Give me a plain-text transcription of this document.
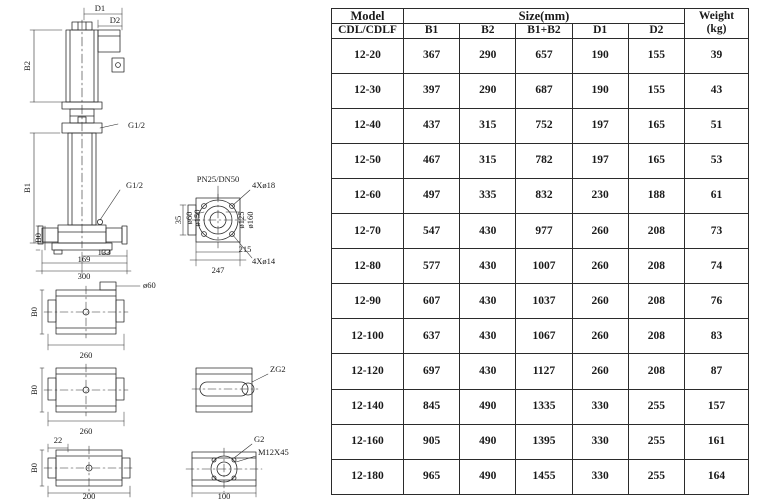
D1
D2
G1/2
G1/2
133
169
300
PN25/DN50
4Xø18
4Xø14
215
247
ø60
260
260
ZG2
22
200
G2
M12X45
100
B2
B1
B0
B0
B0
B0
35 ø60
ø150	ø125 ø160
Model	Size(mm)					Weight
(kg)

CDL/CDLF	B1	B2	B1+B2	D1	D2	
12-20	367	290	657	190	155	39
12-30	397	290	687	190	155	43
12-40	437	315	752	197	165	51
12-50	467	315	782	197	165	53
12-60	497	335	832	230	188	61
12-70	547	430	977	260	208	73
12-80	577	430	1007	260	208	74
12-90	607	430	1037	260	208	76
12-100	637	430	1067	260	208	83
12-120	697	430	1127	260	208	87
12-140	845	490	1335	330	255	157
12-160	905	490	1395	330	255	161
12-180	965	490	1455	330	255	164
